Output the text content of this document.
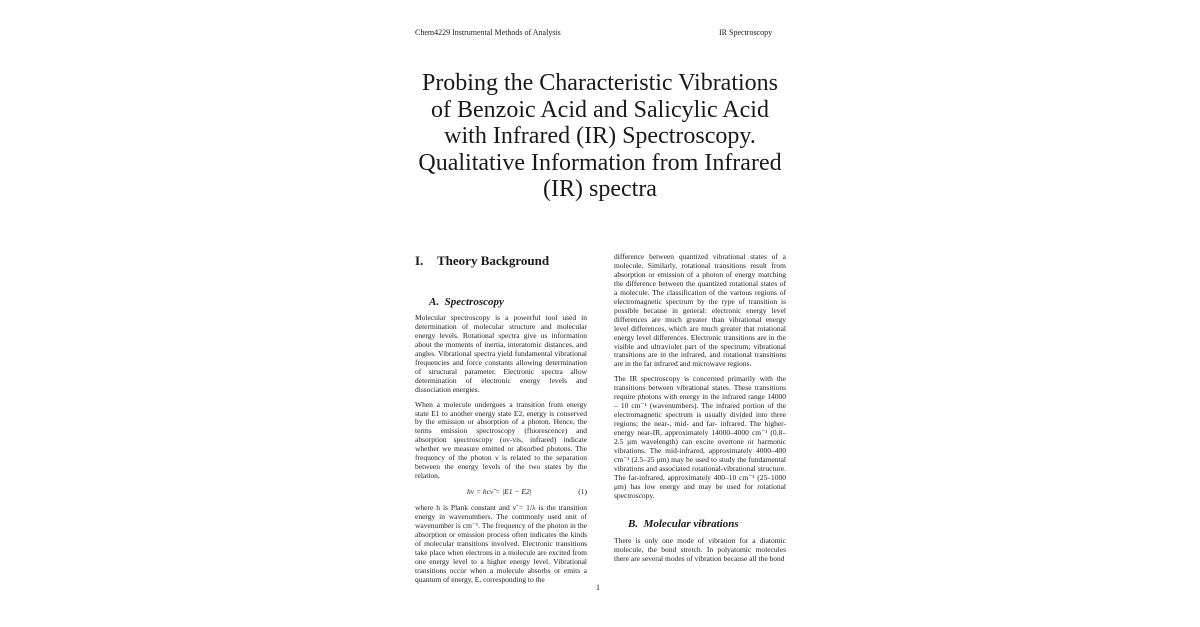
Chem4229 Instrumental Methods of Analysis	IR Spectroscopy
Probing the Characteristic Vibrations
of Benzoic Acid and Salicylic Acid
with Infrared (IR) Spectroscopy.
Qualitative Information from Infrared
(IR) spectra
I. Theory Background
A. Spectroscopy

Molecular spectroscopy is a powerful tool used in determination of molecular structure and molecular energy levels. Rotational spectra give us information about the moments of inertia, interatomic distances, and angles. Vibrational spectra yield fundamental vibrational frequencies and force constants allowing determination of structural parameter. Electronic spectra allow determination of electronic energy levels and dissociation energies.

When a molecule undergoes a transition from energy state E1 to another energy state E2, energy is conserved by the emission or absorption of a photon. Hence, the terms emission spectroscopy (fluorescence) and absorption spectroscopy (uv-vis, infrared) indicate whether we measure emitted or absorbed photons. The frequency of the photon ν is related to the separation between the energy levels of the two states by the relation,

hν = hcν̃ = |E1 − E2|	(1)

where h is Plank constant and ν̃ = 1/λ is the transition energy in wavenumbers. The commonly used unit of wavenumber is cm⁻¹. The frequency of the photon in the absorption or emission process often indicates the kinds of molecular transitions involved. Electronic transitions take place when electrons in a molecule are excited from one energy level to a higher energy level. Vibrational transitions occur when a molecule absorbs or emits a quantum of energy, E, corresponding to the

difference between quantized vibrational states of a molecule. Similarly, rotational transitions result from absorption or emission of a photon of energy matching the difference between the quantized rotational states of a molecule. The classification of the various regions of electromagnetic spectrum by the type of transition is possible because in general: electronic energy level differences are much greater than vibrational energy level differences, which are much greater that rotational energy level differences. Electronic transitions are in the visible and ultraviolet part of the spectrum; vibrational transitions are in the infrared, and rotational transitions are in the far infrared and microwave regions.

The IR spectroscopy is concerned primarily with the transitions between vibrational states. These transitions require photons with energy in the infrared range 14000 – 10 cm⁻¹ (wavenumbers). The infrared portion of the electromagnetic spectrum is usually divided into three regions; the near-, mid- and far- infrared. The higher-energy near-IR, approximately 14000–4000 cm⁻¹ (0.8–2.5 μm wavelength) can excite overtone or harmonic vibrations. The mid-infrared, approximately 4000–400 cm⁻¹ (2.5–25 μm) may be used to study the fundamental vibrations and associated rotational-vibrational structure. The far-infrared, approximately 400–10 cm⁻¹ (25–1000 μm) has low energy and may be used for rotational spectroscopy.

B. Molecular vibrations

There is only one mode of vibration for a diatomic molecule, the bond stretch. In polyatomic molecules there are several modes of vibration because all the bond

1
